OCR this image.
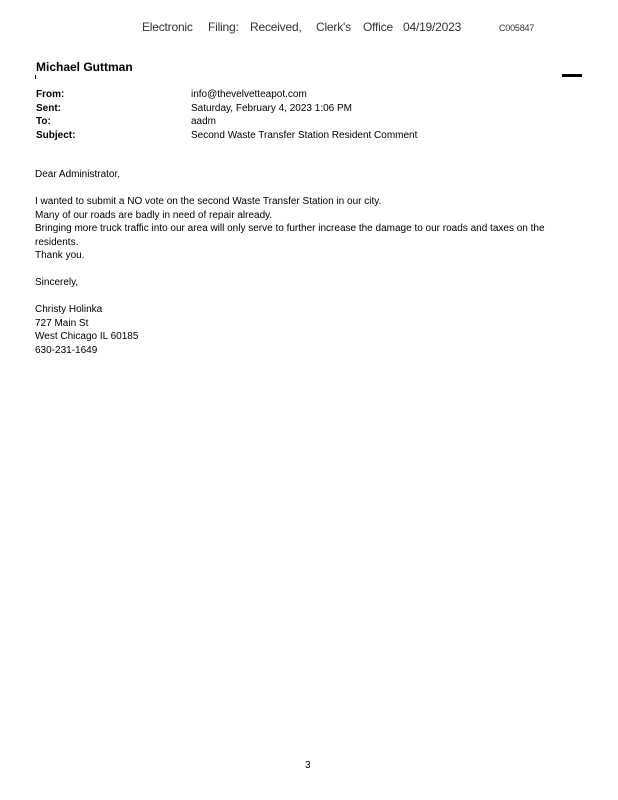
Electronic Filing: Received, Clerk's Office 04/19/2023	C005847
Michael Guttman
From:	info@thevelvetteapot.com
Sent:	Saturday, February 4, 2023 1:06 PM
To:	aadm
Subject:	Second Waste Transfer Station Resident Comment

Dear Administrator,

I wanted to submit a NO vote on the second Waste Transfer Station in our city.

Many of our roads are badly in need of repair already.

Bringing more truck traffic into our area will only serve to further increase the damage to our roads and taxes on the residents.

Thank you.

Sincerely,

Christy Holinka

727 Main St

West Chicago IL 60185

630-231-1649

3
